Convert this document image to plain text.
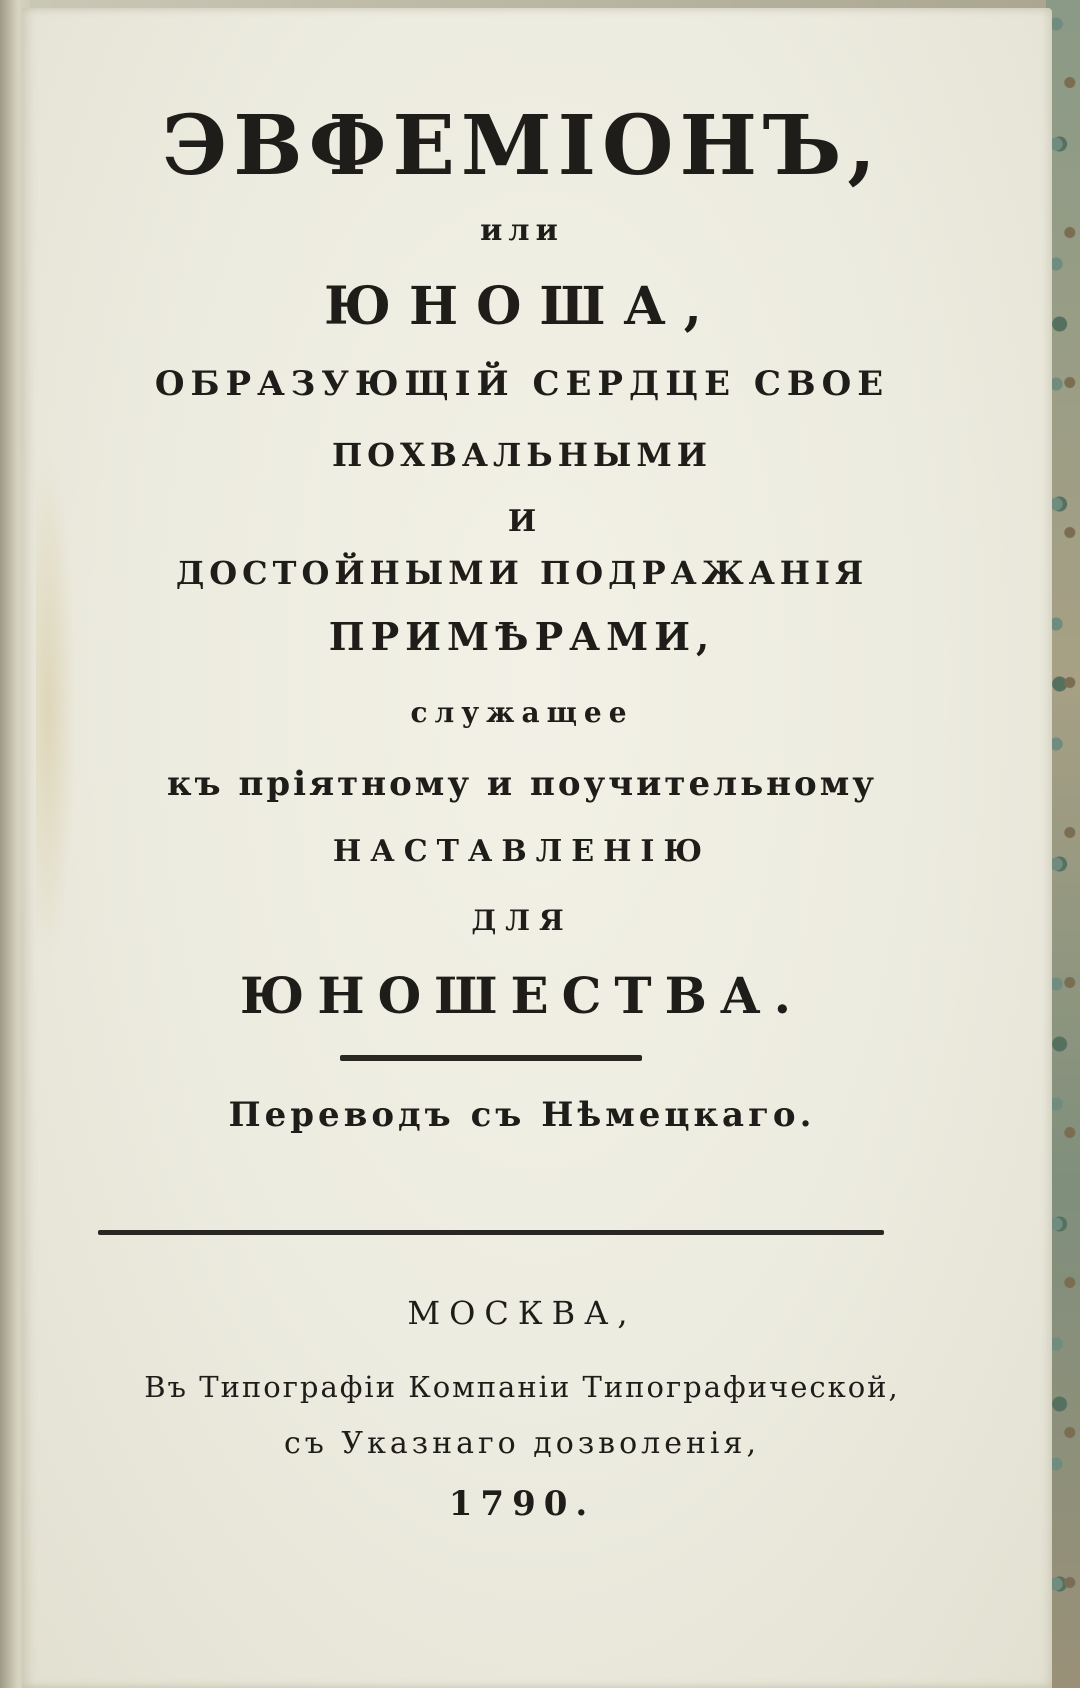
ЭВФЕМІОНЪ,
или
ЮНОША,
ОБРАЗУЮЩІЙ СЕРДЦЕ СВОЕ
ПОХВАЛЬНЫМИ
И
ДОСТОЙНЫМИ ПОДРАЖАНІЯ
ПРИМѢРАМИ,
служащее
къ пріятному и поучительному
НАСТАВЛЕНІЮ
ДЛЯ
ЮНОШЕСТВА.
Переводъ съ Нѣмецкаго.
МОСКВА,
Въ Типографіи Компаніи Типографической,
съ Указнаго дозволенія,
1790.
